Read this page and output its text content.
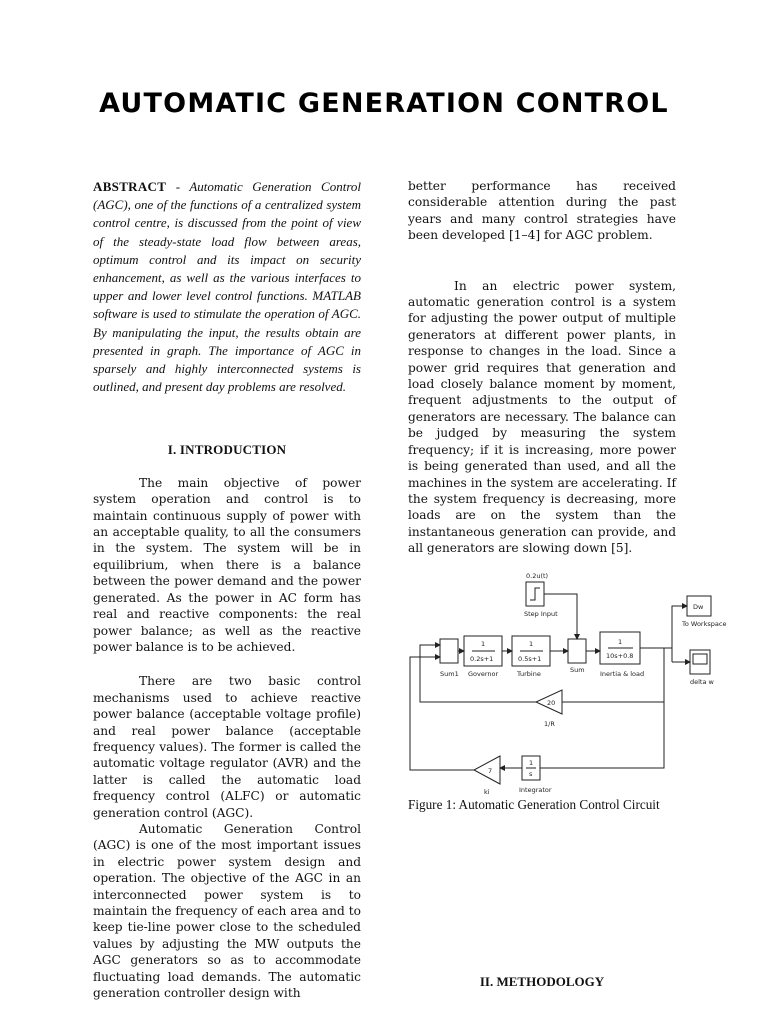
AUTOMATIC GENERATION CONTROL

ABSTRACT - Automatic Generation Control (AGC), one of the functions of a centralized system control centre, is discussed from the point of view of the steady-state load flow between areas, optimum control and its impact on security enhancement, as well as the various interfaces to upper and lower level control functions. MATLAB software is used to stimulate the operation of AGC. By manipulating the input, the results obtain are presented in graph. The importance of AGC in sparsely and highly interconnected systems is outlined, and present day problems are resolved.

I. INTRODUCTION

The main objective of power system operation and control is to maintain continuous supply of power with an acceptable quality, to all the consumers in the system. The system will be in equilibrium, when there is a balance between the power demand and the power generated. As the power in AC form has real and reactive components: the real power balance; as well as the reactive power balance is to be achieved.

There are two basic control mechanisms used to achieve reactive power balance (acceptable voltage profile) and real power balance (acceptable frequency values). The former is called the automatic voltage regulator (AVR) and the latter is called the automatic load frequency control (ALFC) or automatic generation control (AGC).

Automatic Generation Control (AGC) is one of the most important issues in electric power system design and operation. The objective of the AGC in an interconnected power system is to maintain the frequency of each area and to keep tie-line power close to the scheduled values by adjusting the MW outputs the AGC generators so as to accommodate fluctuating load demands. The automatic generation controller design with

better performance has received considerable attention during the past years and many control strategies have been developed [1–4] for AGC problem.

In an electric power system, automatic generation control is a system for adjusting the power output of multiple generators at different power plants, in response to changes in the load. Since a power grid requires that generation and load closely balance moment by moment, frequent adjustments to the output of generators are necessary. The balance can be judged by measuring the system frequency; if it is increasing, more power is being generated than used, and all the machines in the system are accelerating. If the system frequency is decreasing, more loads are on the system than the instantaneous generation can provide, and all generators are slowing down [5].

0.2u(t)
Step Input
Sum1
1
0.2s+1
Governor
1
0.5s+1
Turbine	Sum
1
10s+0.8
Inertia & load
Dw
To Workspace
delta w
20
1/R
1
s
Integrator
7
ki
Figure 1: Automatic Generation Control Circuit
II. METHODOLOGY
